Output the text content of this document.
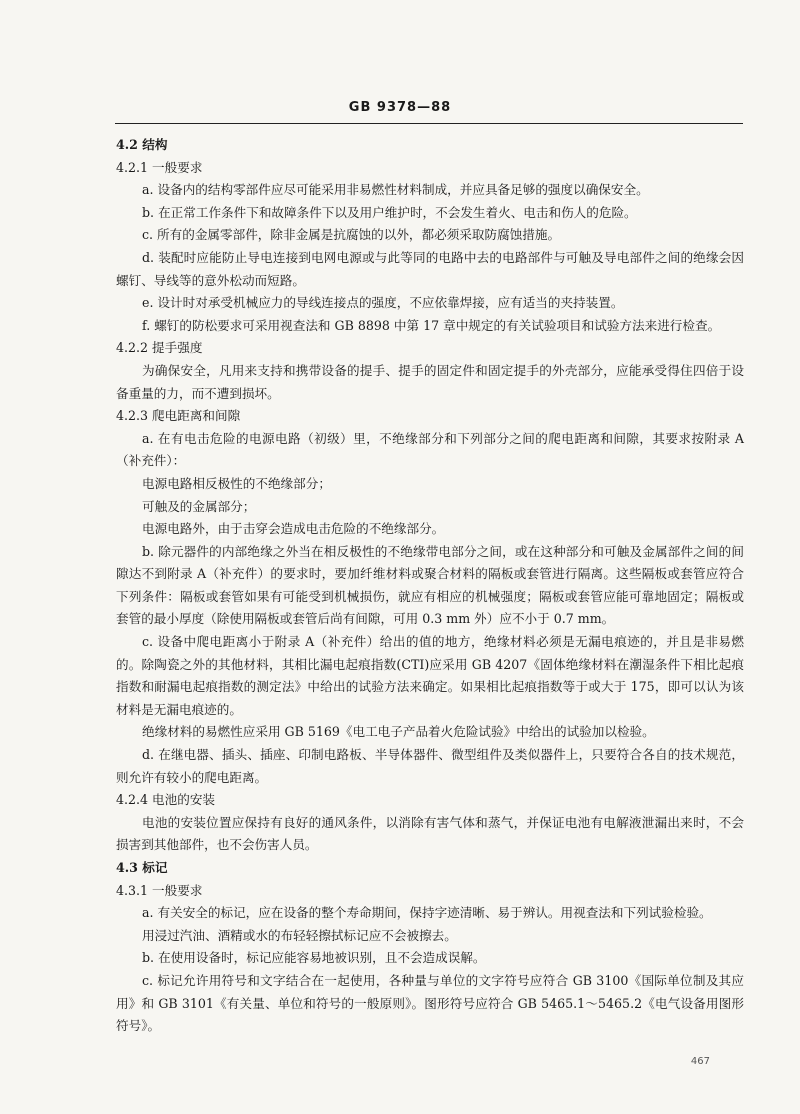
GB 9378—88

4.2 结构

4.2.1 一般要求

a. 设备内的结构零部件应尽可能采用非易燃性材料制成，并应具备足够的强度以确保安全。

b. 在正常工作条件下和故障条件下以及用户维护时，不会发生着火、电击和伤人的危险。

c. 所有的金属零部件，除非金属是抗腐蚀的以外，都必须采取防腐蚀措施。

d. 装配时应能防止导电连接到电网电源或与此等同的电路中去的电路部件与可触及导电部件之间的绝缘会因螺钉、导线等的意外松动而短路。

e. 设计时对承受机械应力的导线连接点的强度，不应依靠焊接，应有适当的夹持装置。

f. 螺钉的防松要求可采用视查法和 GB 8898 中第 17 章中规定的有关试验项目和试验方法来进行检查。

4.2.2 提手强度

为确保安全，凡用来支持和携带设备的提手、提手的固定件和固定提手的外壳部分，应能承受得住四倍于设备重量的力，而不遭到损坏。

4.2.3 爬电距离和间隙

a. 在有电击危险的电源电路（初级）里，不绝缘部分和下列部分之间的爬电距离和间隙，其要求按附录 A（补充件）：

电源电路相反极性的不绝缘部分；

可触及的金属部分；

电源电路外，由于击穿会造成电击危险的不绝缘部分。

b. 除元器件的内部绝缘之外当在相反极性的不绝缘带电部分之间，或在这种部分和可触及金属部件之间的间隙达不到附录 A（补充件）的要求时，要加纤维材料或聚合材料的隔板或套管进行隔离。这些隔板或套管应符合下列条件：隔板或套管如果有可能受到机械损伤，就应有相应的机械强度；隔板或套管应能可靠地固定；隔板或套管的最小厚度（除使用隔板或套管后尚有间隙，可用 0.3 mm 外）应不小于 0.7 mm。

c. 设备中爬电距离小于附录 A（补充件）给出的值的地方，绝缘材料必须是无漏电痕迹的，并且是非易燃的。除陶瓷之外的其他材料，其相比漏电起痕指数(CTI)应采用 GB 4207《固体绝缘材料在潮湿条件下相比起痕指数和耐漏电起痕指数的测定法》中给出的试验方法来确定。如果相比起痕指数等于或大于 175，即可以认为该材料是无漏电痕迹的。

绝缘材料的易燃性应采用 GB 5169《电工电子产品着火危险试验》中给出的试验加以检验。

d. 在继电器、插头、插座、印制电路板、半导体器件、微型组件及类似器件上，只要符合各自的技术规范，则允许有较小的爬电距离。

4.2.4 电池的安装

电池的安装位置应保持有良好的通风条件，以消除有害气体和蒸气，并保证电池有电解液泄漏出来时，不会损害到其他部件，也不会伤害人员。

4.3 标记

4.3.1 一般要求

a. 有关安全的标记，应在设备的整个寿命期间，保持字迹清晰、易于辨认。用视查法和下列试验检验。

用浸过汽油、酒精或水的布轻轻擦拭标记应不会被擦去。

b. 在使用设备时，标记应能容易地被识别，且不会造成误解。

c. 标记允许用符号和文字结合在一起使用，各种量与单位的文字符号应符合 GB 3100《国际单位制及其应用》和 GB 3101《有关量、单位和符号的一般原则》。图形符号应符合 GB 5465.1～5465.2《电气设备用图形符号》。

467
